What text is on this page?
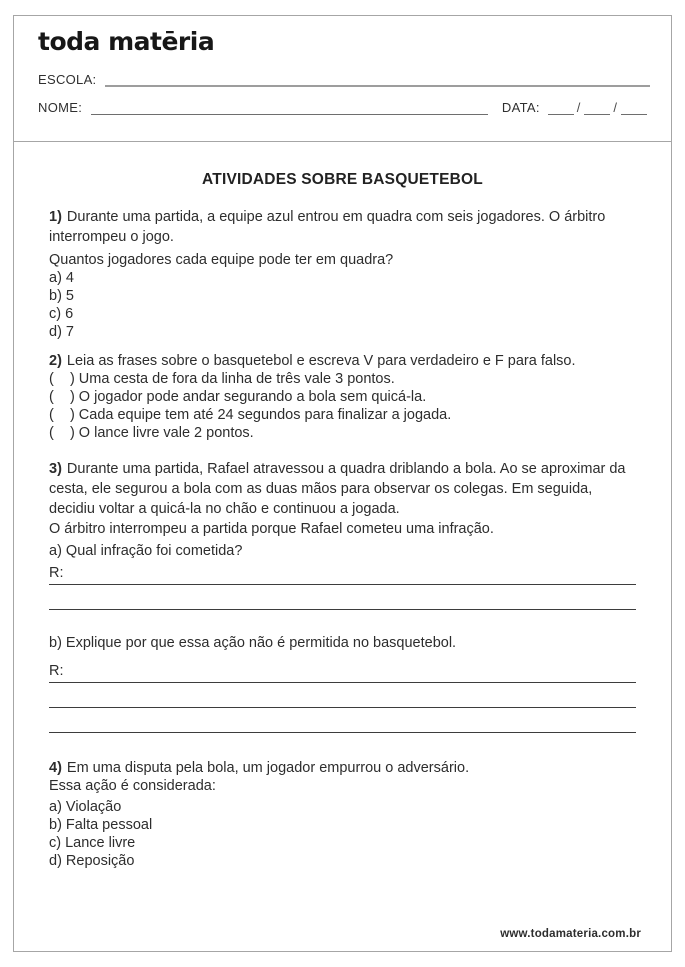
toda matēria
ESCOLA:
NOME:	DATA:	/	/
ATIVIDADES SOBRE BASQUETEBOL
1) Durante uma partida, a equipe azul entrou em quadra com seis jogadores. O árbitro interrompeu o jogo.
Quantos jogadores cada equipe pode ter em quadra?
a) 4
b) 5
c) 6
d) 7
2) Leia as frases sobre o basquetebol e escreva V para verdadeiro e F para falso.
(    ) Uma cesta de fora da linha de três vale 3 pontos.
(    ) O jogador pode andar segurando a bola sem quicá-la.
(    ) Cada equipe tem até 24 segundos para finalizar a jogada.
(    ) O lance livre vale 2 pontos.
3) Durante uma partida, Rafael atravessou a quadra driblando a bola. Ao se aproximar da cesta, ele segurou a bola com as duas mãos para observar os colegas. Em seguida, decidiu voltar a quicá-la no chão e continuou a jogada.
O árbitro interrompeu a partida porque Rafael cometeu uma infração.
a) Qual infração foi cometida?
R:
b) Explique por que essa ação não é permitida no basquetebol.
R:
4) Em uma disputa pela bola, um jogador empurrou o adversário.
Essa ação é considerada:
a) Violação
b) Falta pessoal
c) Lance livre
d) Reposição
www.todamateria.com.br
